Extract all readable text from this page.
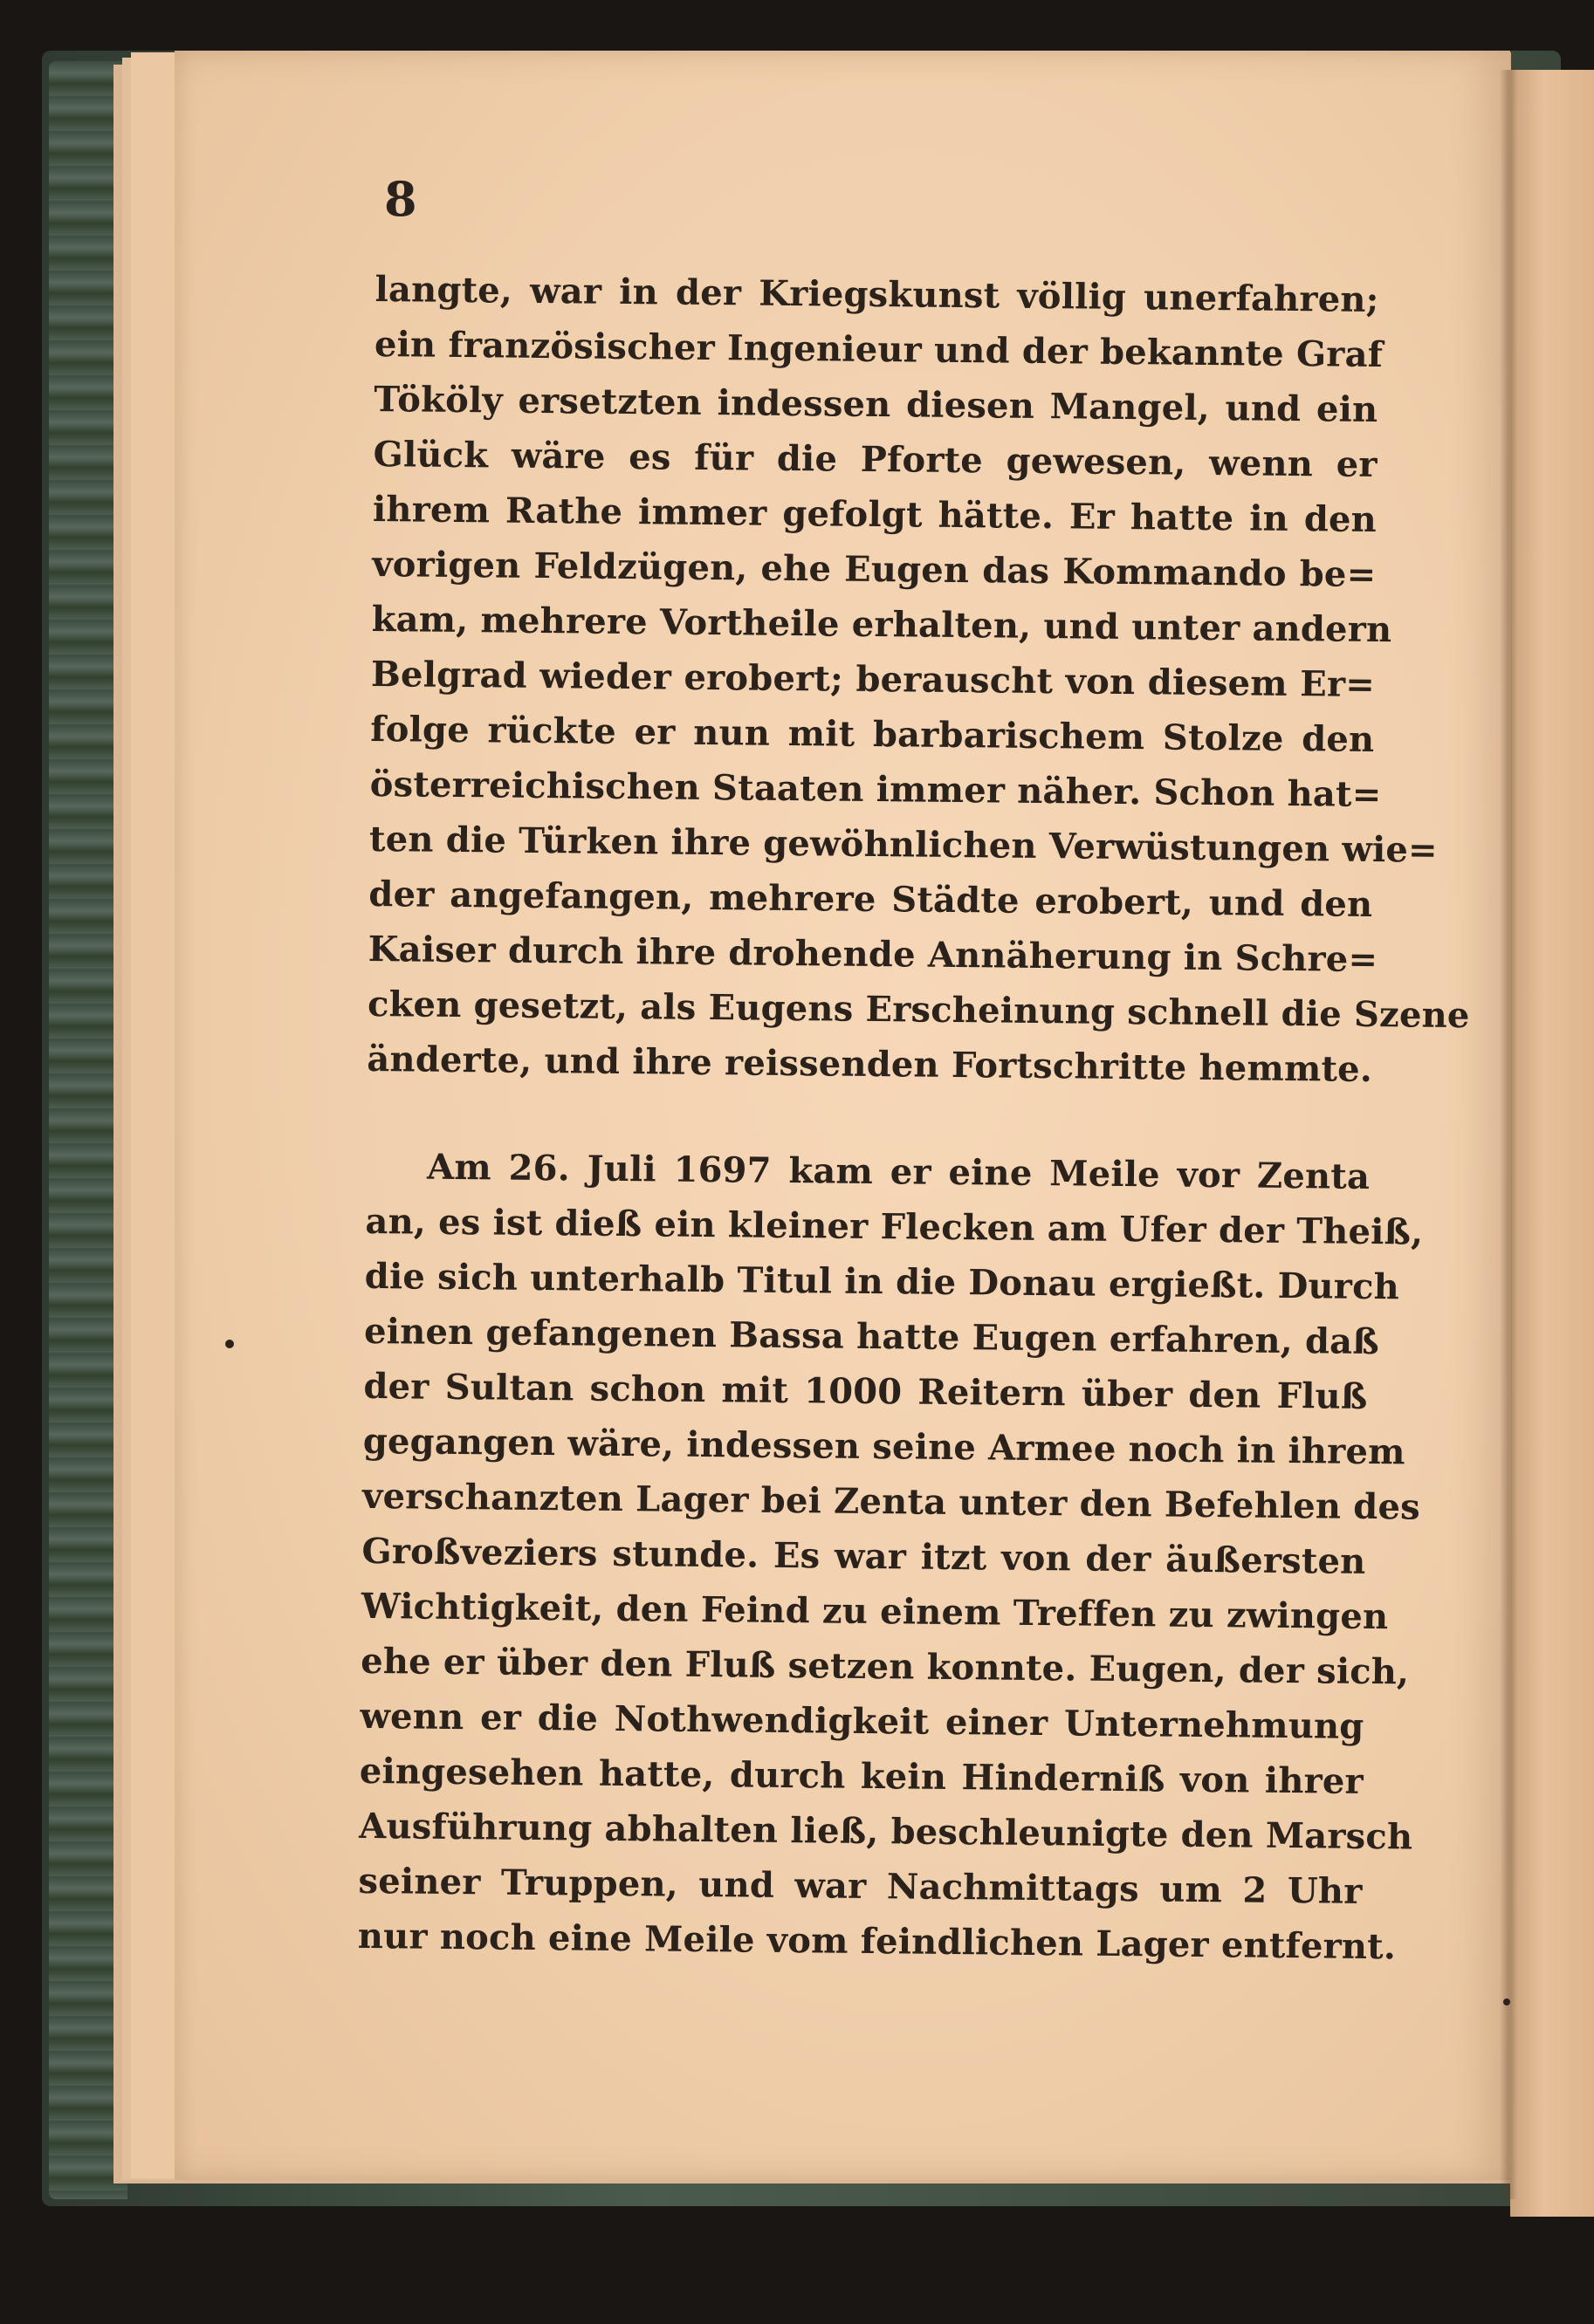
8
langte, war in der Kriegskunst völlig unerfahren;
ein französischer Ingenieur und der bekannte Graf
Tököly ersetzten indessen diesen Mangel, und ein
Glück wäre es für die Pforte gewesen, wenn er
ihrem Rathe immer gefolgt hätte. Er hatte in den
vorigen Feldzügen, ehe Eugen das Kommando be=
kam, mehrere Vortheile erhalten, und unter andern
Belgrad wieder erobert; berauscht von diesem Er=
folge rückte er nun mit barbarischem Stolze den
österreichischen Staaten immer näher. Schon hat=
ten die Türken ihre gewöhnlichen Verwüstungen wie=
der angefangen, mehrere Städte erobert, und den
Kaiser durch ihre drohende Annäherung in Schre=
cken gesetzt, als Eugens Erscheinung schnell die Szene
änderte, und ihre reissenden Fortschritte hemmte.
Am 26. Juli 1697 kam er eine Meile vor Zenta
an, es ist dieß ein kleiner Flecken am Ufer der Theiß,
die sich unterhalb Titul in die Donau ergießt. Durch
einen gefangenen Bassa hatte Eugen erfahren, daß
der Sultan schon mit 1000 Reitern über den Fluß
gegangen wäre, indessen seine Armee noch in ihrem
verschanzten Lager bei Zenta unter den Befehlen des
Großveziers stunde. Es war itzt von der äußersten
Wichtigkeit, den Feind zu einem Treffen zu zwingen
ehe er über den Fluß setzen konnte. Eugen, der sich,
wenn er die Nothwendigkeit einer Unternehmung
eingesehen hatte, durch kein Hinderniß von ihrer
Ausführung abhalten ließ, beschleunigte den Marsch
seiner Truppen, und war Nachmittags um 2 Uhr
nur noch eine Meile vom feindlichen Lager entfernt.
